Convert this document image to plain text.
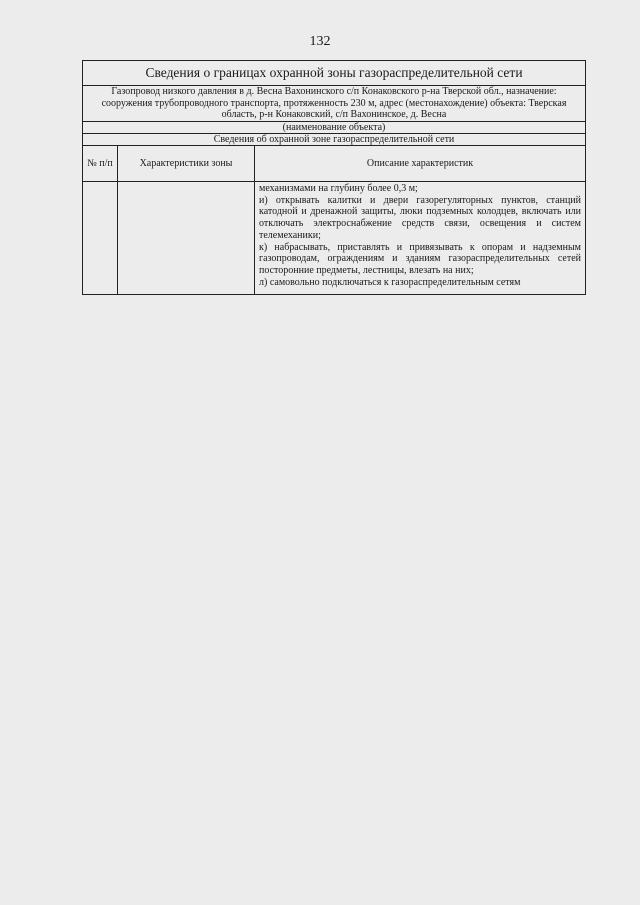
132
Сведения о границах охранной зоны газораспределительной сети		
Газопровод низкого давления в д. Весна Вахонинского с/п Конаковского р-на Тверской обл., назначение: сооружения трубопроводного транспорта, протяженность 230 м, адрес (местонахождение) объекта: Тверская область, р-н Конаковский, с/п Вахонинское, д. Весна		
(наименование объекта)		
Сведения об охранной зоне газораспределительной сети		
№ п/п	Характеристики зоны	Описание характеристик

		механизмами на глубину более 0,3 м;
и) открывать калитки и двери газорегуляторных пунктов, станций катодной и дренажной защиты, люки подземных колодцев, включать или отключать электроснабжение средств связи, освещения и систем телемеханики;
к) набрасывать, приставлять и привязывать к опорам и надземным газопроводам, ограждениям и зданиям газораспределительных сетей посторонние предметы, лестницы, влезать на них;
л) самовольно подключаться к газораспределительным сетям
